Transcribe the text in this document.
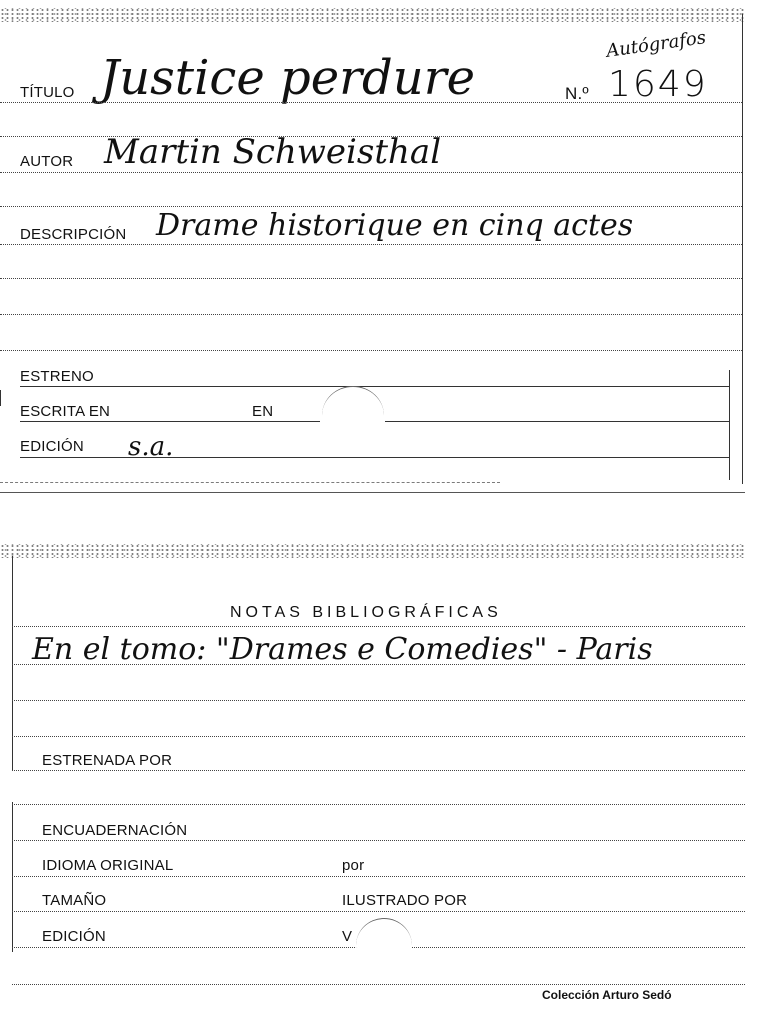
TÍTULO Justice perdure	N.º 1649
Autógrafos
AUTOR Martin Schweisthal
DESCRIPCIÓN Drame historique en cinq actes
ESTRENO
ESCRITA EN	EN
EDICIÓN s.a.
NOTAS BIBLIOGRÁFICAS
En el tomo: "Drames e Comedies" - Paris
ESTRENADA POR
ENCUADERNACIÓN
IDIOMA ORIGINAL	por
TAMAÑO	ILUSTRADO POR
EDICIÓN	V
Colección Arturo Sedó
